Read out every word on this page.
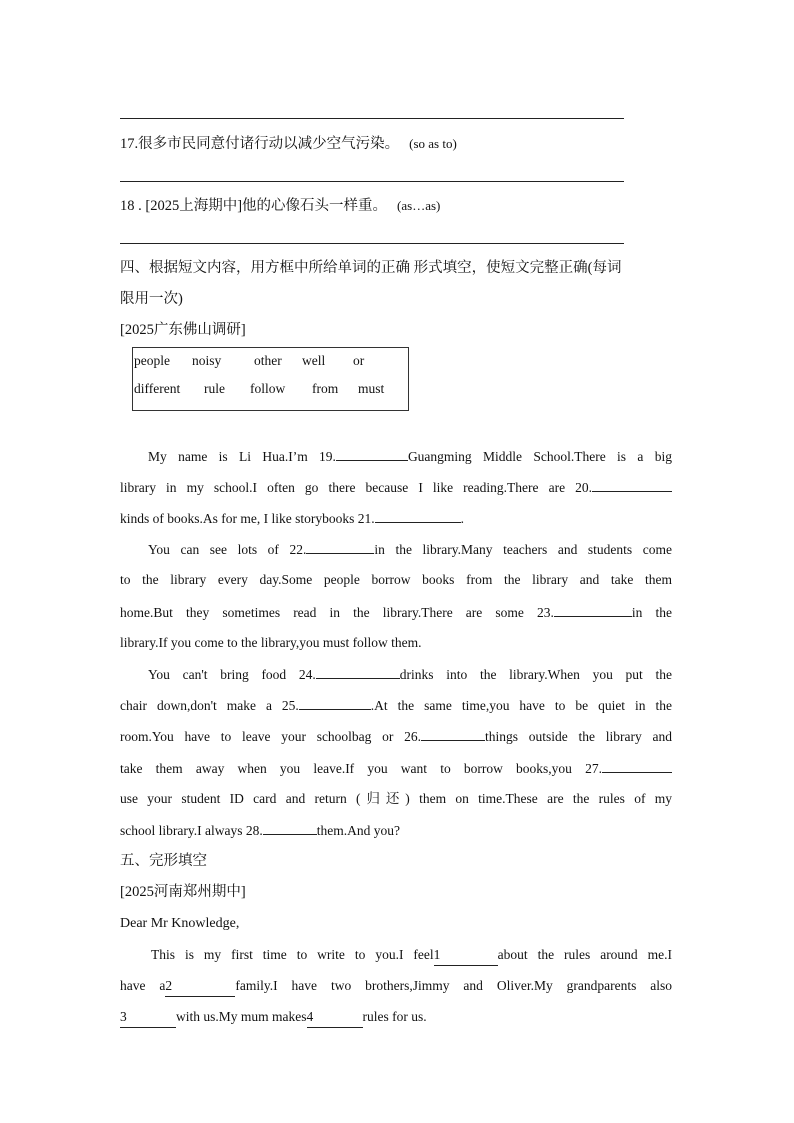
17.很多市民同意付诸行动以减少空气污染。 (so as to)
18 . [2025上海期中]他的心像石头一样重。 (as…as)
四、根据短文内容，用方框中所给单词的正确 形式填空，使短文完整正确(每词
限用一次)
[2025广东佛山调研]
people noisy other well or
different rule follow from must
My name is Li Hua.I’m 19.	Guangming Middle School.There is a big
library in my school.I often go there because I like reading.There are 20.
kinds of books.As for me, I like storybooks 21.	.
You can see lots of 22.	in the library.Many teachers and students come
to the library every day.Some people borrow books from the library and take them
home.But they sometimes read in the library.There are some 23.	in the
library.If you come to the library,you must follow them.
You can't bring food 24.	drinks into the library.When you put the
chair down,don't make a 25.	.At the same time,you have to be quiet in the
room.You have to leave your schoolbag or 26.	things outside the library and
take them away when you leave.If you want to borrow books,you 27.
use your student ID card and return (归还) them on time.These are the rules of my
school library.I always 28.	them.And you?
五、完形填空
[2025河南郑州期中]
Dear Mr Knowledge,
This is my first time to write to you.I feel1	about the rules around me.I
have a2	family.I have two brothers,Jimmy and Oliver.My grandparents also
3	with us.My mum makes4	rules for us.
